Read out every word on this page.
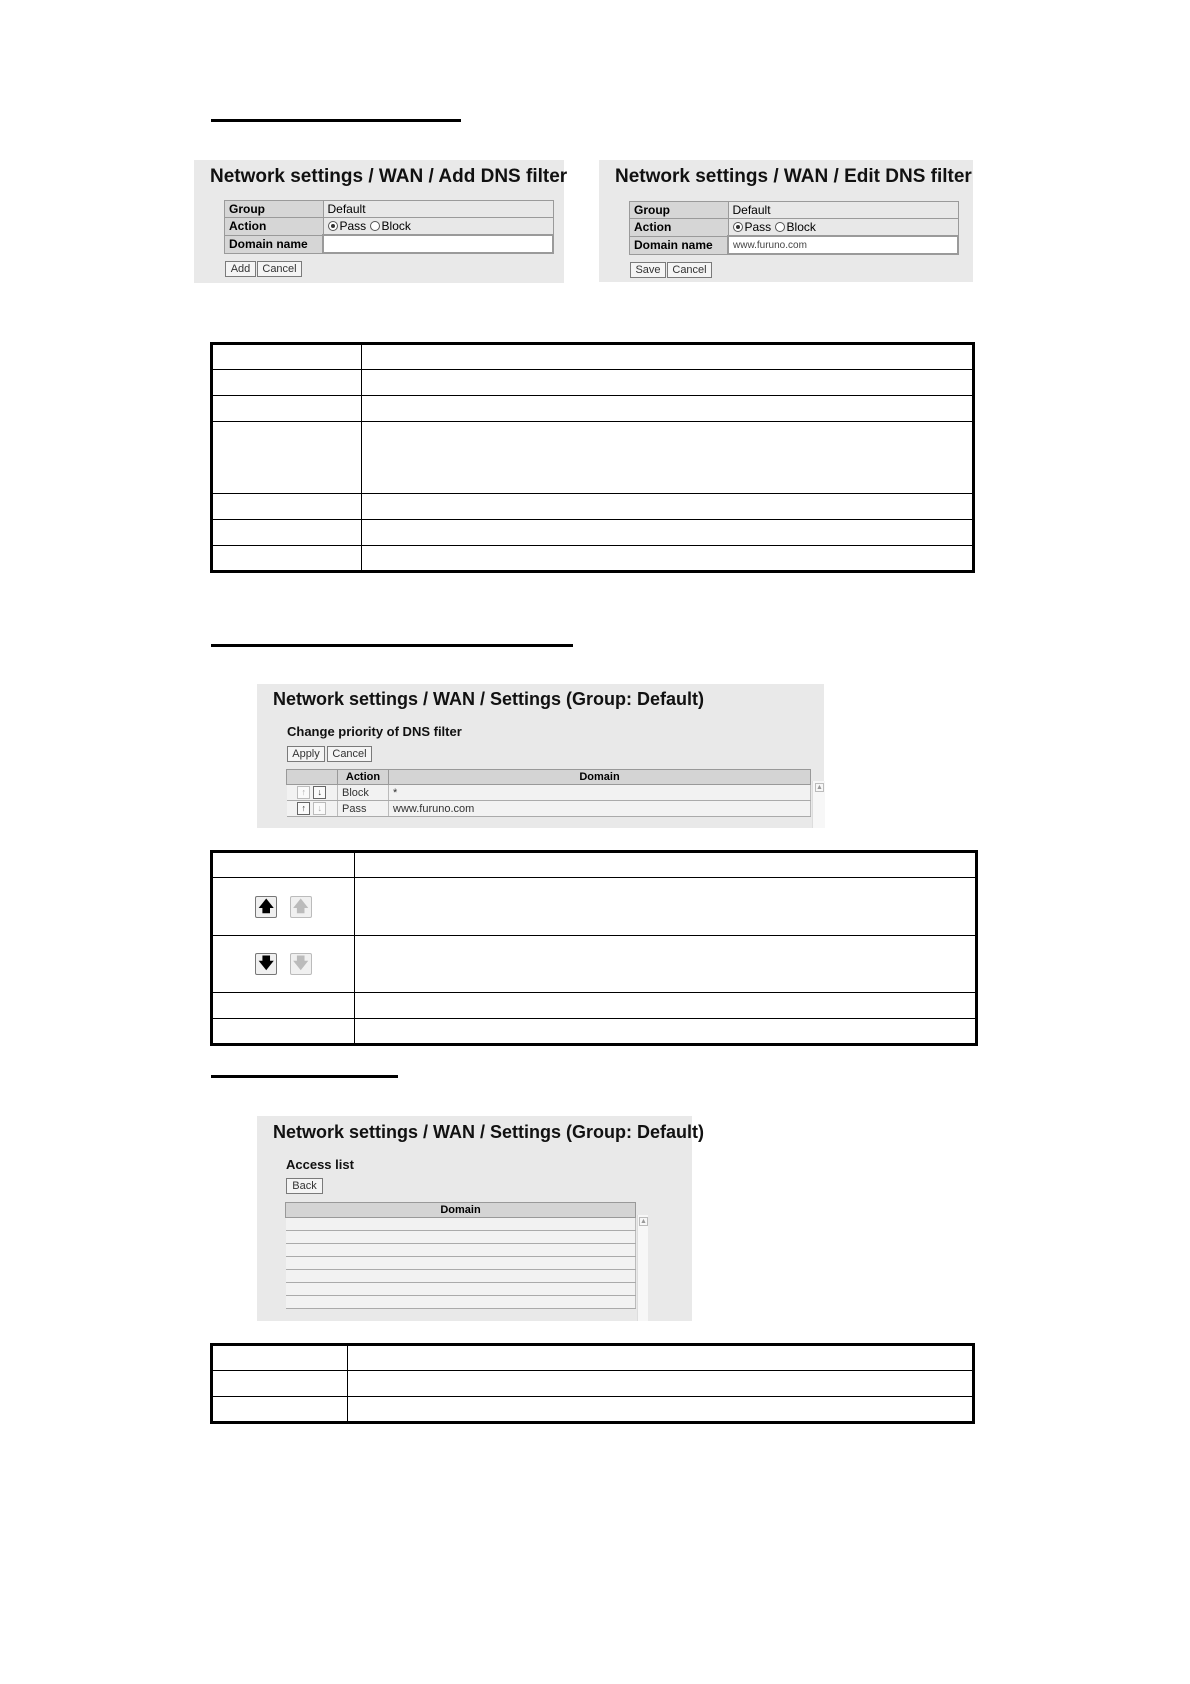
Network settings / WAN / Add DNS filter
Group	Default
Action	Pass Block
Domain name	
Add	Cancel
Network settings / WAN / Edit DNS filter
Group	Default
Action	Pass Block
Domain name	www.furuno.com
Save	Cancel

Network settings / WAN / Settings (Group: Default)
Change priority of DNS filter
Apply	Cancel
	Action	Domain
↑ ↓	Block	*
↑ ↓	Pass	www.furuno.com
▲

🡅 🡅	
🡇 🡇	

Network settings / WAN / Settings (Group: Default)
Access list
Back
Domain

▲
